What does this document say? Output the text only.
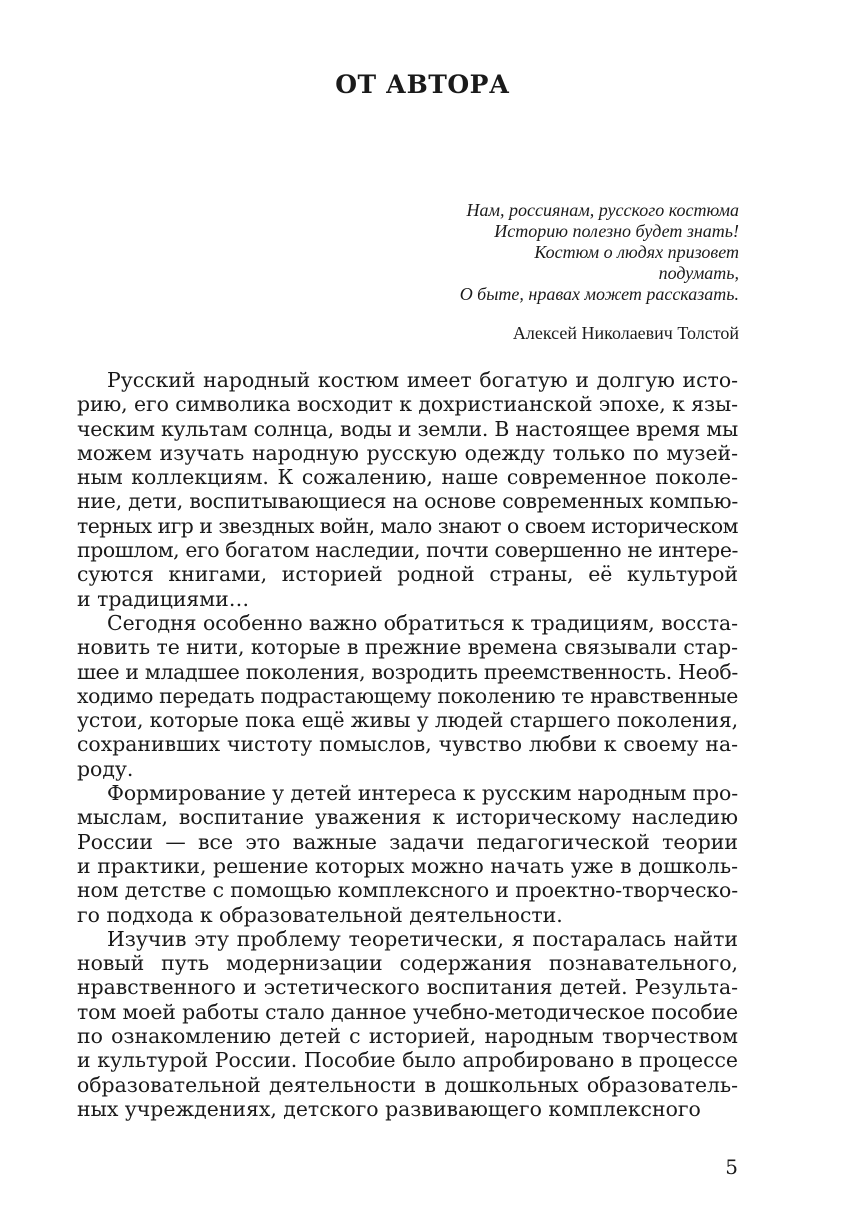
ОТ АВТОРА
Нам, россиянам, русского костюма
Историю полезно будет знать!
Костюм о людях призовет
подумать,
О быте, нравах может рассказать.
Алексей Николаевич Толстой
Русский народный костюм имеет богатую и долгую исто-
рию, его символика восходит к дохристианской эпохе, к язы-
ческим культам солнца, воды и земли. В настоящее время мы
можем изучать народную русскую одежду только по музей-
ным коллекциям. К сожалению, наше современное поколе-
ние, дети, воспитывающиеся на основе современных компью-
терных игр и звездных войн, мало знают о своем историческом
прошлом, его богатом наследии, почти совершенно не интере-
суются книгами, историей родной страны, её культурой
и традициями…
Сегодня особенно важно обратиться к традициям, восста-
новить те нити, которые в прежние времена связывали стар-
шее и младшее поколения, возродить преемственность. Необ-
ходимо передать подрастающему поколению те нравственные
устои, которые пока ещё живы у людей старшего поколения,
сохранивших чистоту помыслов, чувство любви к своему на-
роду.
Формирование у детей интереса к русским народным про-
мыслам, воспитание уважения к историческому наследию
России — все это важные задачи педагогической теории
и практики, решение которых можно начать уже в дошколь-
ном детстве с помощью комплексного и проектно-творческо-
го подхода к образовательной деятельности.
Изучив эту проблему теоретически, я постаралась найти
новый путь модернизации содержания познавательного,
нравственного и эстетического воспитания детей. Результа-
том моей работы стало данное учебно-методическое пособие
по ознакомлению детей с историей, народным творчеством
и культурой России. Пособие было апробировано в процессе
образовательной деятельности в дошкольных образователь-
ных учреждениях, детского развивающего комплексного
5
